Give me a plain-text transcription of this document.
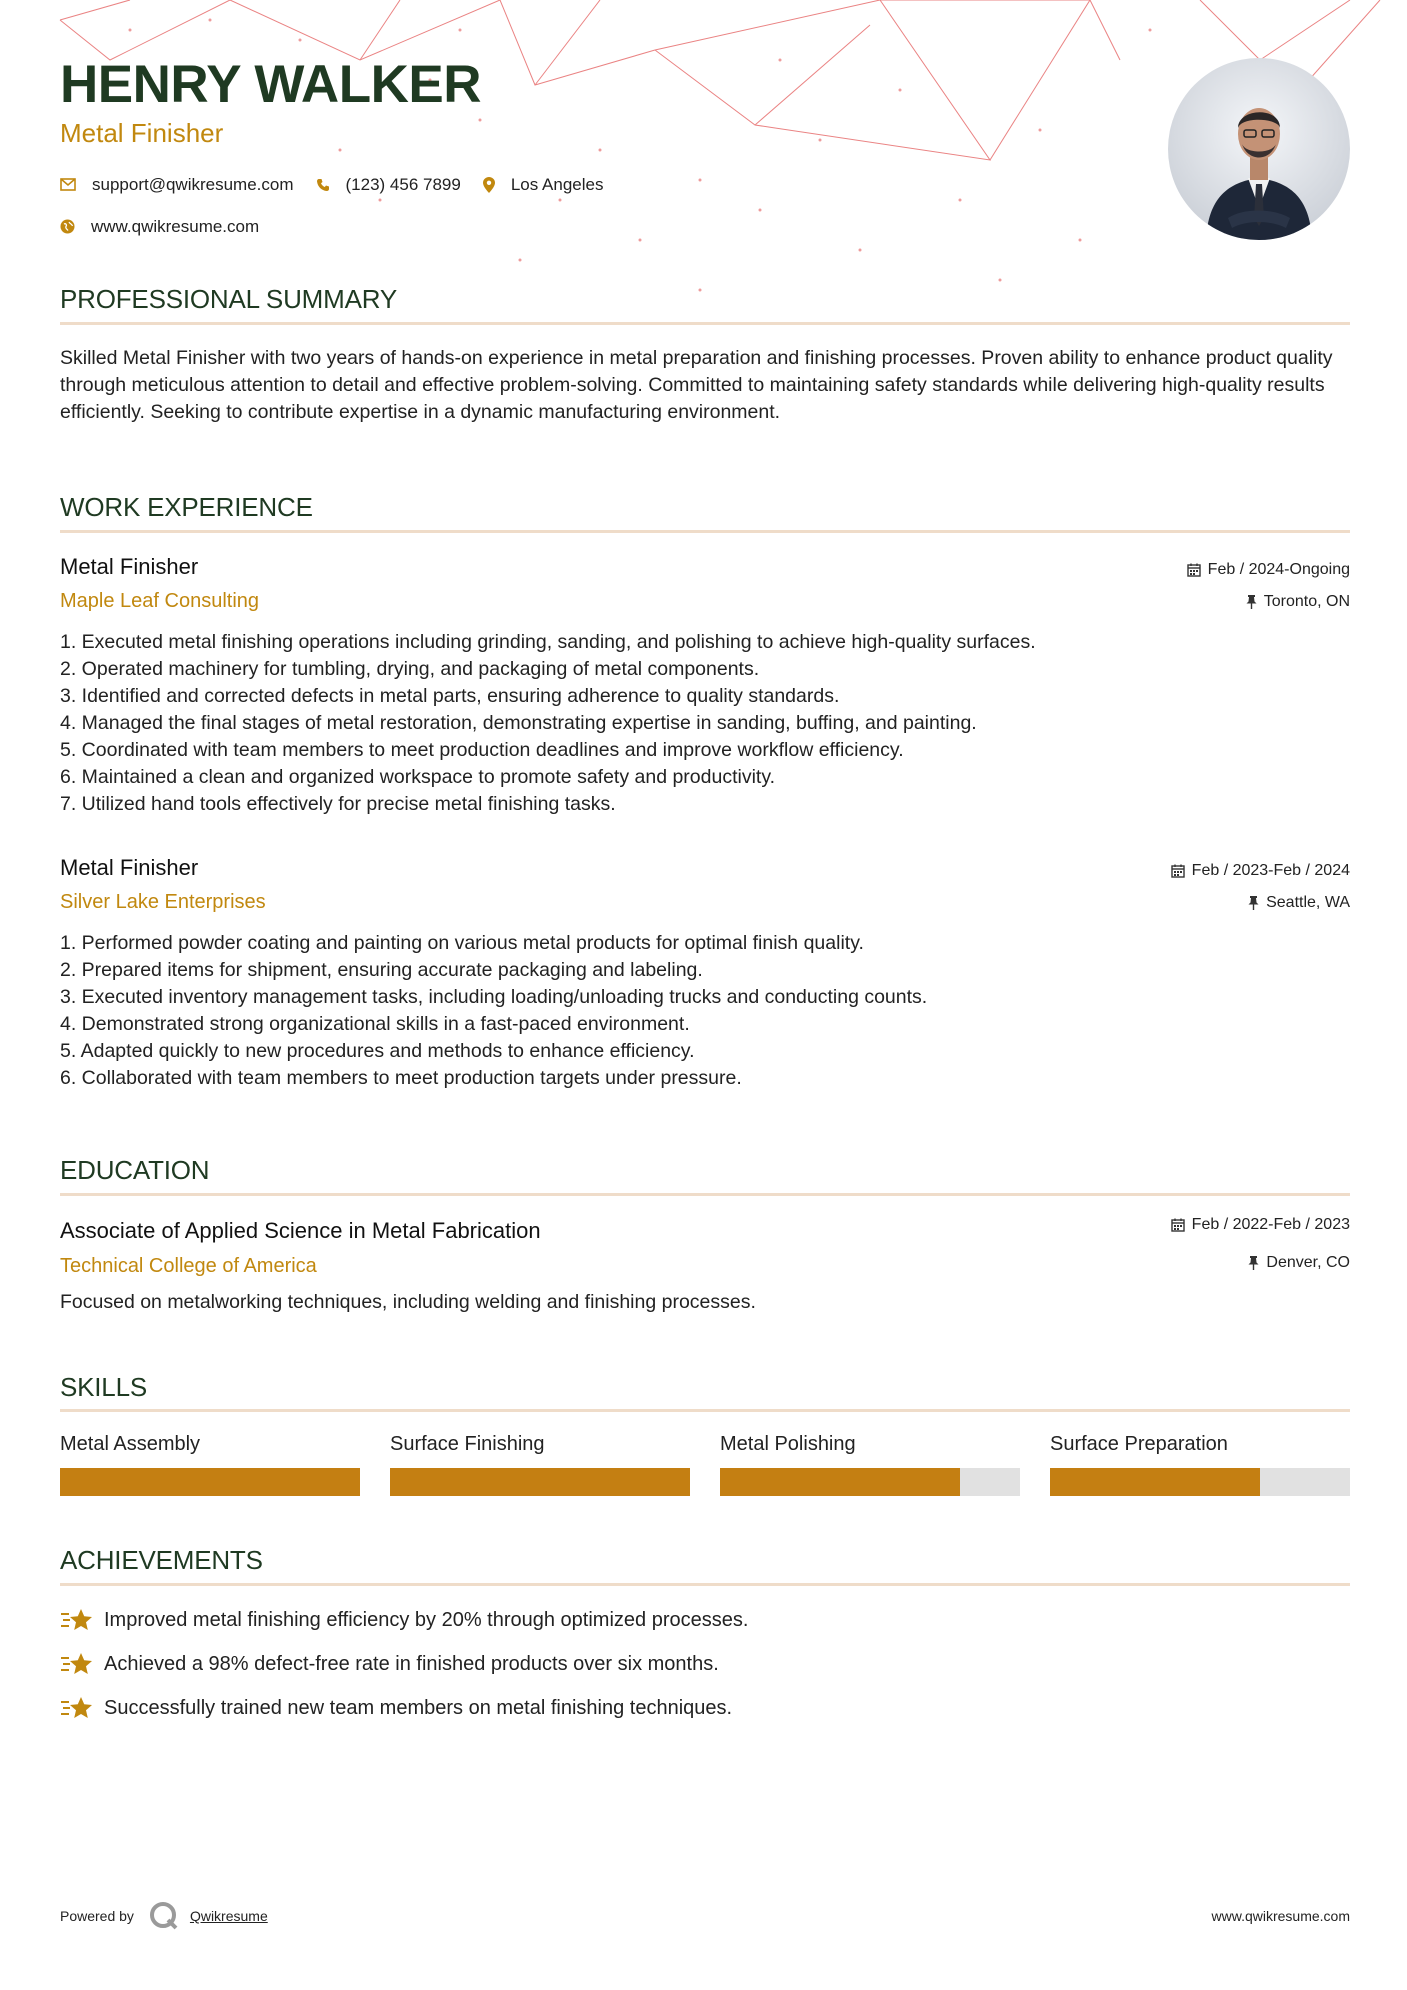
HENRY WALKER
Metal Finisher
support@qwikresume.com	(123) 456 7899	Los Angeles
www.qwikresume.com
PROFESSIONAL SUMMARY
Skilled Metal Finisher with two years of hands-on experience in metal preparation and finishing processes. Proven ability to enhance product quality through meticulous attention to detail and effective problem-solving. Committed to maintaining safety standards while delivering high-quality results efficiently. Seeking to contribute expertise in a dynamic manufacturing environment.
WORK EXPERIENCE
Metal Finisher
Maple Leaf Consulting
Feb / 2024-Ongoing
Toronto, ON
1. Executed metal finishing operations including grinding, sanding, and polishing to achieve high-quality surfaces.
2. Operated machinery for tumbling, drying, and packaging of metal components.
3. Identified and corrected defects in metal parts, ensuring adherence to quality standards.
4. Managed the final stages of metal restoration, demonstrating expertise in sanding, buffing, and painting.
5. Coordinated with team members to meet production deadlines and improve workflow efficiency.
6. Maintained a clean and organized workspace to promote safety and productivity.
7. Utilized hand tools effectively for precise metal finishing tasks.
Metal Finisher
Silver Lake Enterprises
Feb / 2023-Feb / 2024
Seattle, WA
1. Performed powder coating and painting on various metal products for optimal finish quality.
2. Prepared items for shipment, ensuring accurate packaging and labeling.
3. Executed inventory management tasks, including loading/unloading trucks and conducting counts.
4. Demonstrated strong organizational skills in a fast-paced environment.
5. Adapted quickly to new procedures and methods to enhance efficiency.
6. Collaborated with team members to meet production targets under pressure.
EDUCATION
Associate of Applied Science in Metal Fabrication
Technical College of America
Feb / 2022-Feb / 2023
Denver, CO
Focused on metalworking techniques, including welding and finishing processes.
SKILLS
Metal Assembly	Surface Finishing	Metal Polishing	Surface Preparation
ACHIEVEMENTS
Improved metal finishing efficiency by 20% through optimized processes.
Achieved a 98% defect-free rate in finished products over six months.
Successfully trained new team members on metal finishing techniques.
Powered by	Qwikresume	www.qwikresume.com
